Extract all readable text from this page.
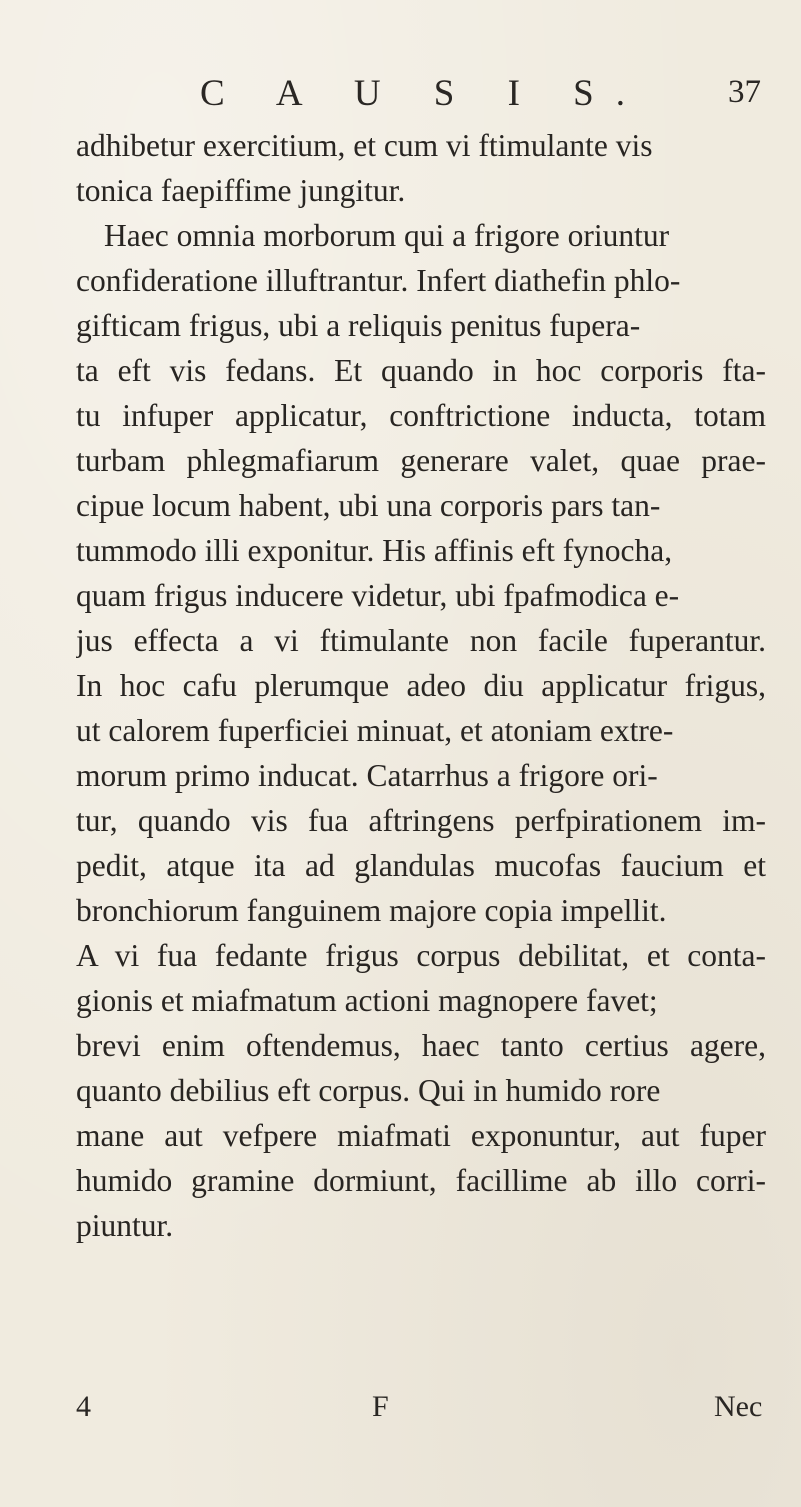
C A U S I S. 37
adhibetur exercitium, et cum vi ftimulante vis
tonica faepiffime jungitur.
Haec omnia morborum qui a frigore oriuntur
confideratione illuftrantur. Infert diathefin phlo-
gifticam frigus, ubi a reliquis penitus fupera-
ta eft vis fedans. Et quando in hoc corporis fta-
tu infuper applicatur, conftrictione inducta, totam
turbam phlegmafiarum generare valet, quae prae-
cipue locum habent, ubi una corporis pars tan-
tummodo illi exponitur. His affinis eft fynocha,
quam frigus inducere videtur, ubi fpafmodica e-
jus effecta a vi ftimulante non facile fuperantur.
In hoc cafu plerumque adeo diu applicatur frigus,
ut calorem fuperficiei minuat, et atoniam extre-
morum primo inducat. Catarrhus a frigore ori-
tur, quando vis fua aftringens perfpirationem im-
pedit, atque ita ad glandulas mucofas faucium et
bronchiorum fanguinem majore copia impellit.
A vi fua fedante frigus corpus debilitat, et conta-
gionis et miafmatum actioni magnopere favet;
brevi enim oftendemus, haec tanto certius agere,
quanto debilius eft corpus. Qui in humido rore
mane aut vefpere miafmati exponuntur, aut fuper
humido gramine dormiunt, facillime ab illo corri-
piuntur.
4	F	Nec
